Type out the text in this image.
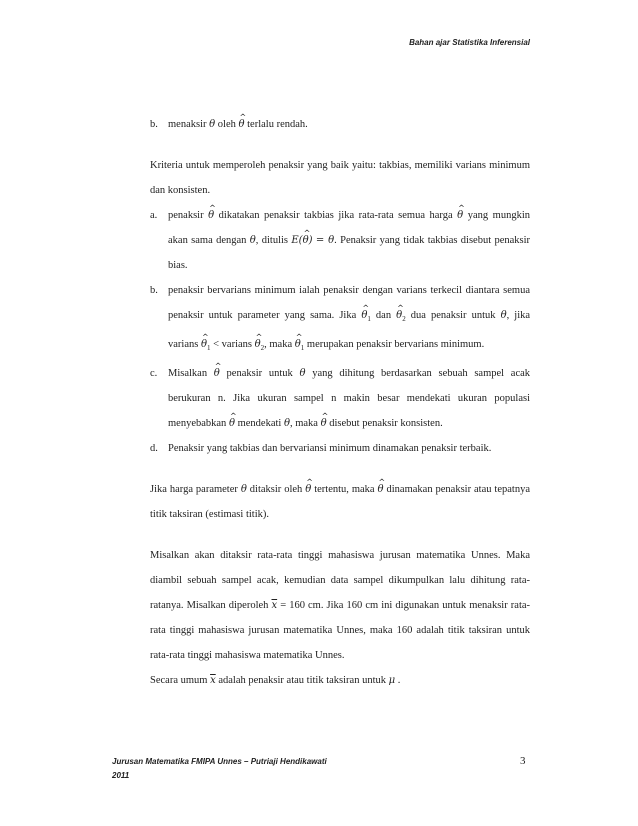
Bahan ajar Statistika Inferensial
b. menaksir θ oleh ^ θ terlalu rendah.

Kriteria untuk memperoleh penaksir yang baik yaitu: takbias, memiliki varians minimum dan konsisten.

a.	penaksir ^ θ dikatakan penaksir takbias jika rata-rata semua harga ^ θ yang mungkin akan sama dengan θ, ditulis E(^ θ) = θ. Penaksir yang tidak takbias disebut penaksir bias.
b. penaksir bervarians minimum ialah penaksir dengan varians terkecil diantara semua penaksir untuk parameter yang sama. Jika ^ $\theta_1$ dan ^ $\theta_2$ dua penaksir untuk θ, jika varians ^ $\theta_1$ < varians ^ $\theta_2$, maka ^ $\theta_1$ merupakan penaksir bervarians minimum.
c.	Misalkan ^ θ penaksir untuk θ yang dihitung berdasarkan sebuah sampel acak berukuran n. Jika ukuran sampel n makin besar mendekati ukuran populasi menyebabkan ^ θ mendekati θ, maka ^ θ disebut penaksir konsisten.
d. Penaksir yang takbias dan bervariansi minimum dinamakan penaksir terbaik.

Jika harga parameter θ ditaksir oleh ^ θ tertentu, maka ^ θ dinamakan penaksir atau tepatnya titik taksiran (estimasi titik).

Misalkan akan ditaksir rata-rata tinggi mahasiswa jurusan matematika Unnes. Maka diambil sebuah sampel acak, kemudian data sampel dikumpulkan lalu dihitung rata-ratanya. Misalkan diperoleh $\overline{x} = 160$ cm. Jika 160 cm ini digunakan untuk menaksir rata-rata tinggi mahasiswa jurusan matematika Unnes, maka 160 adalah titik taksiran untuk rata-rata tinggi mahasiswa matematika Unnes.

Secara umum $\overline{x}$ adalah penaksir atau titik taksiran untuk μ .

Jurusan Matematika FMIPA Unnes – Putriaji Hendikawati
2011
3
